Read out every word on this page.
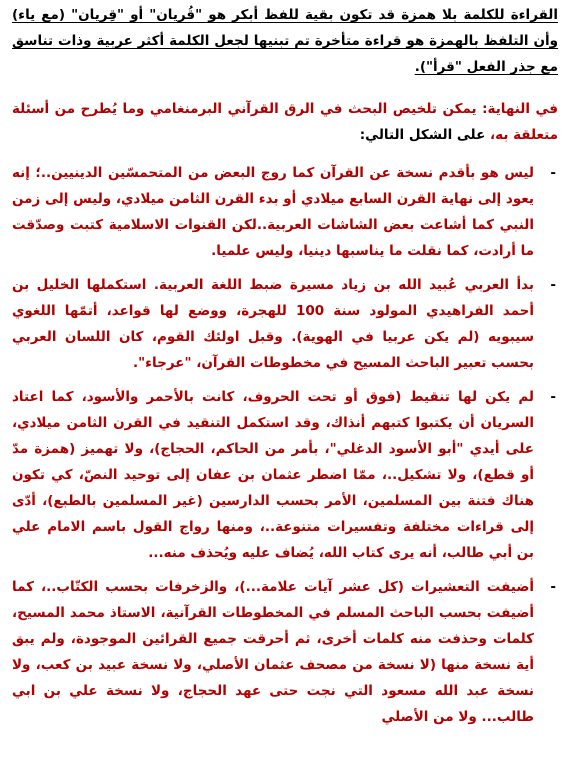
القراءة للكلمة بلا همزة قد تكون بقية للفظ أبكر هو "قُريان" أو "قِريان" (مع ياء) وأن التلفظ بالهمزة هو قراءة متأخرة تم تبنيها لجعل الكلمة أكثر عربية وذات تناسق مع جذر الفعل "قرأ").

في النهاية: يمكن تلخيص البحث في الرق القرآني البرمنغامي وما يُطرح من أسئلة متعلقة به، على الشكل التالي:

-
ليس هو بأقدم نسخة عن القرآن كما روج البعض من المتحمسّين الدينيين..؛ إنه يعود إلى نهاية القرن السابع ميلادي أو بدء القرن الثامن ميلادي، وليس إلى زمن النبي كما أشاعت بعض الشاشات العربية..لكن القنوات الاسلامية كتبت وصدّقت ما أرادت، كما نقلت ما يناسبها دينيا، وليس علميا.
-
بدأ العربي عُبيد الله بن زياد مسيرة ضبط اللغة العربية. استكملها الخليل بن أحمد الفراهيدي المولود سنة 100 للهجرة، ووضع لها قواعد، أتمّها اللغوي سيبويه (لم يكن عربيا في الهوية). وقبل اولئك القوم، كان اللسان العربي بحسب تعبير الباحث المسيح في مخطوطات القرآن، "عرجاء".
-
لم يكن لها تنقيط (فوق أو تحت الحروف، كانت بالأحمر والأسود، كما اعتاد السريان أن يكتبوا كتبهم أنذاك، وقد استكمل التنقيد في القرن الثامن ميلادي، على أيدي "أبو الأسود الدغلي"، بأمر من الحاكم، الحجاج)، ولا تهميز (همزة مدّ أو قطع)، ولا تشكيل..، ممّا اضطر عثمان بن عفان إلى توحيد النصّ، كي تكون هناك فتنة بين المسلمين، الأمر بحسب الدارسين (غير المسلمين بالطبع)، أدّى إلى قراءات مختلفة وتفسيرات متنوعة..، ومنها رواج القول باسم الامام علي بن أبي طالب، أنه يرى كتاب الله، يُضاف عليه ويُحذف منه...
-
أضيفت التعشيرات (كل عشر آيات علامة...)، والزخرفات بحسب الكتّاب..، كما أضيفت بحسب الباحث المسلم في المخطوطات القرآنية، الاستاذ محمد المسيح، كلمات وحذفت منه كلمات أخرى، ثم أحرقت جميع القرائين الموجودة، ولم يبق أية نسخة منها (لا نسخة من مصحف عثمان الأصلي، ولا نسخة عبيد بن كعب، ولا نسخة عبد الله مسعود التي نجت حتى عهد الحجاج، ولا نسخة علي بن ابي طالب... ولا من الأصلي
